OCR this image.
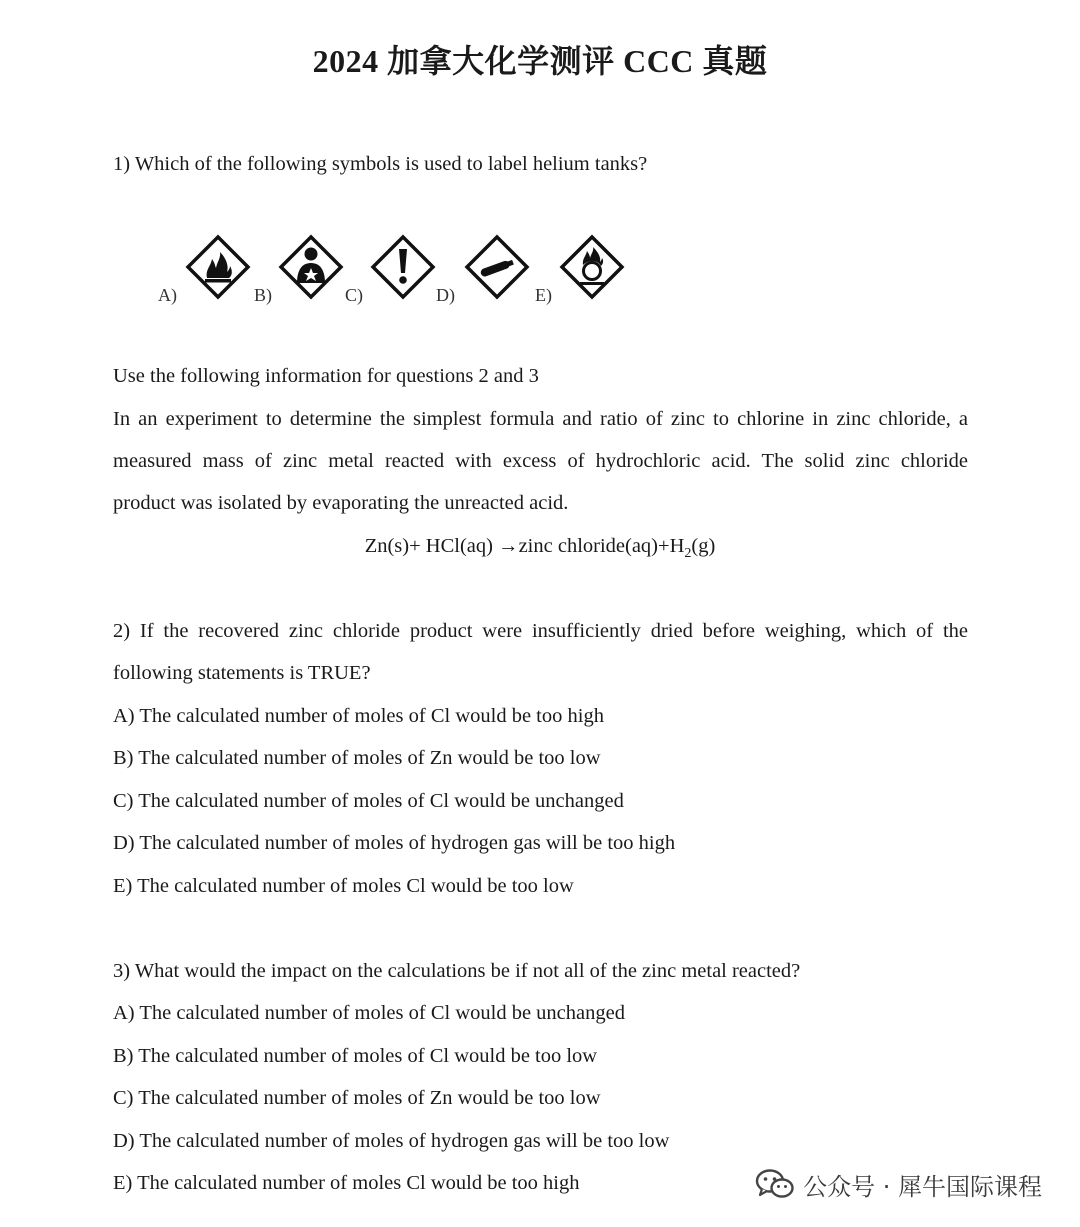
2024 加拿大化学测评 CCC 真题
1) Which of the following symbols is used to label helium tanks?
A)	B)	C)	D)	E)
Use the following information for questions 2 and 3
In an experiment to determine the simplest formula and ratio of zinc to chlorine in zinc chloride, a
measured mass of zinc metal reacted with excess of hydrochloric acid. The solid zinc chloride
product was isolated by evaporating the unreacted acid.
Zn(s)+ HCl(aq) →zinc $chloride(aq)+H_2(g)$
2) If the recovered zinc chloride product were insufficiently dried before weighing, which of the
following statements is TRUE?
A) The calculated number of moles of Cl would be too high
B) The calculated number of moles of Zn would be too low
C) The calculated number of moles of Cl would be unchanged
D) The calculated number of moles of hydrogen gas will be too high
E) The calculated number of moles Cl would be too low
3) What would the impact on the calculations be if not all of the zinc metal reacted?
A) The calculated number of moles of Cl would be unchanged
B) The calculated number of moles of Cl would be too low
C) The calculated number of moles of Zn would be too low
D) The calculated number of moles of hydrogen gas will be too low
E) The calculated number of moles Cl would be too high	公众号 · 犀牛国际课程
